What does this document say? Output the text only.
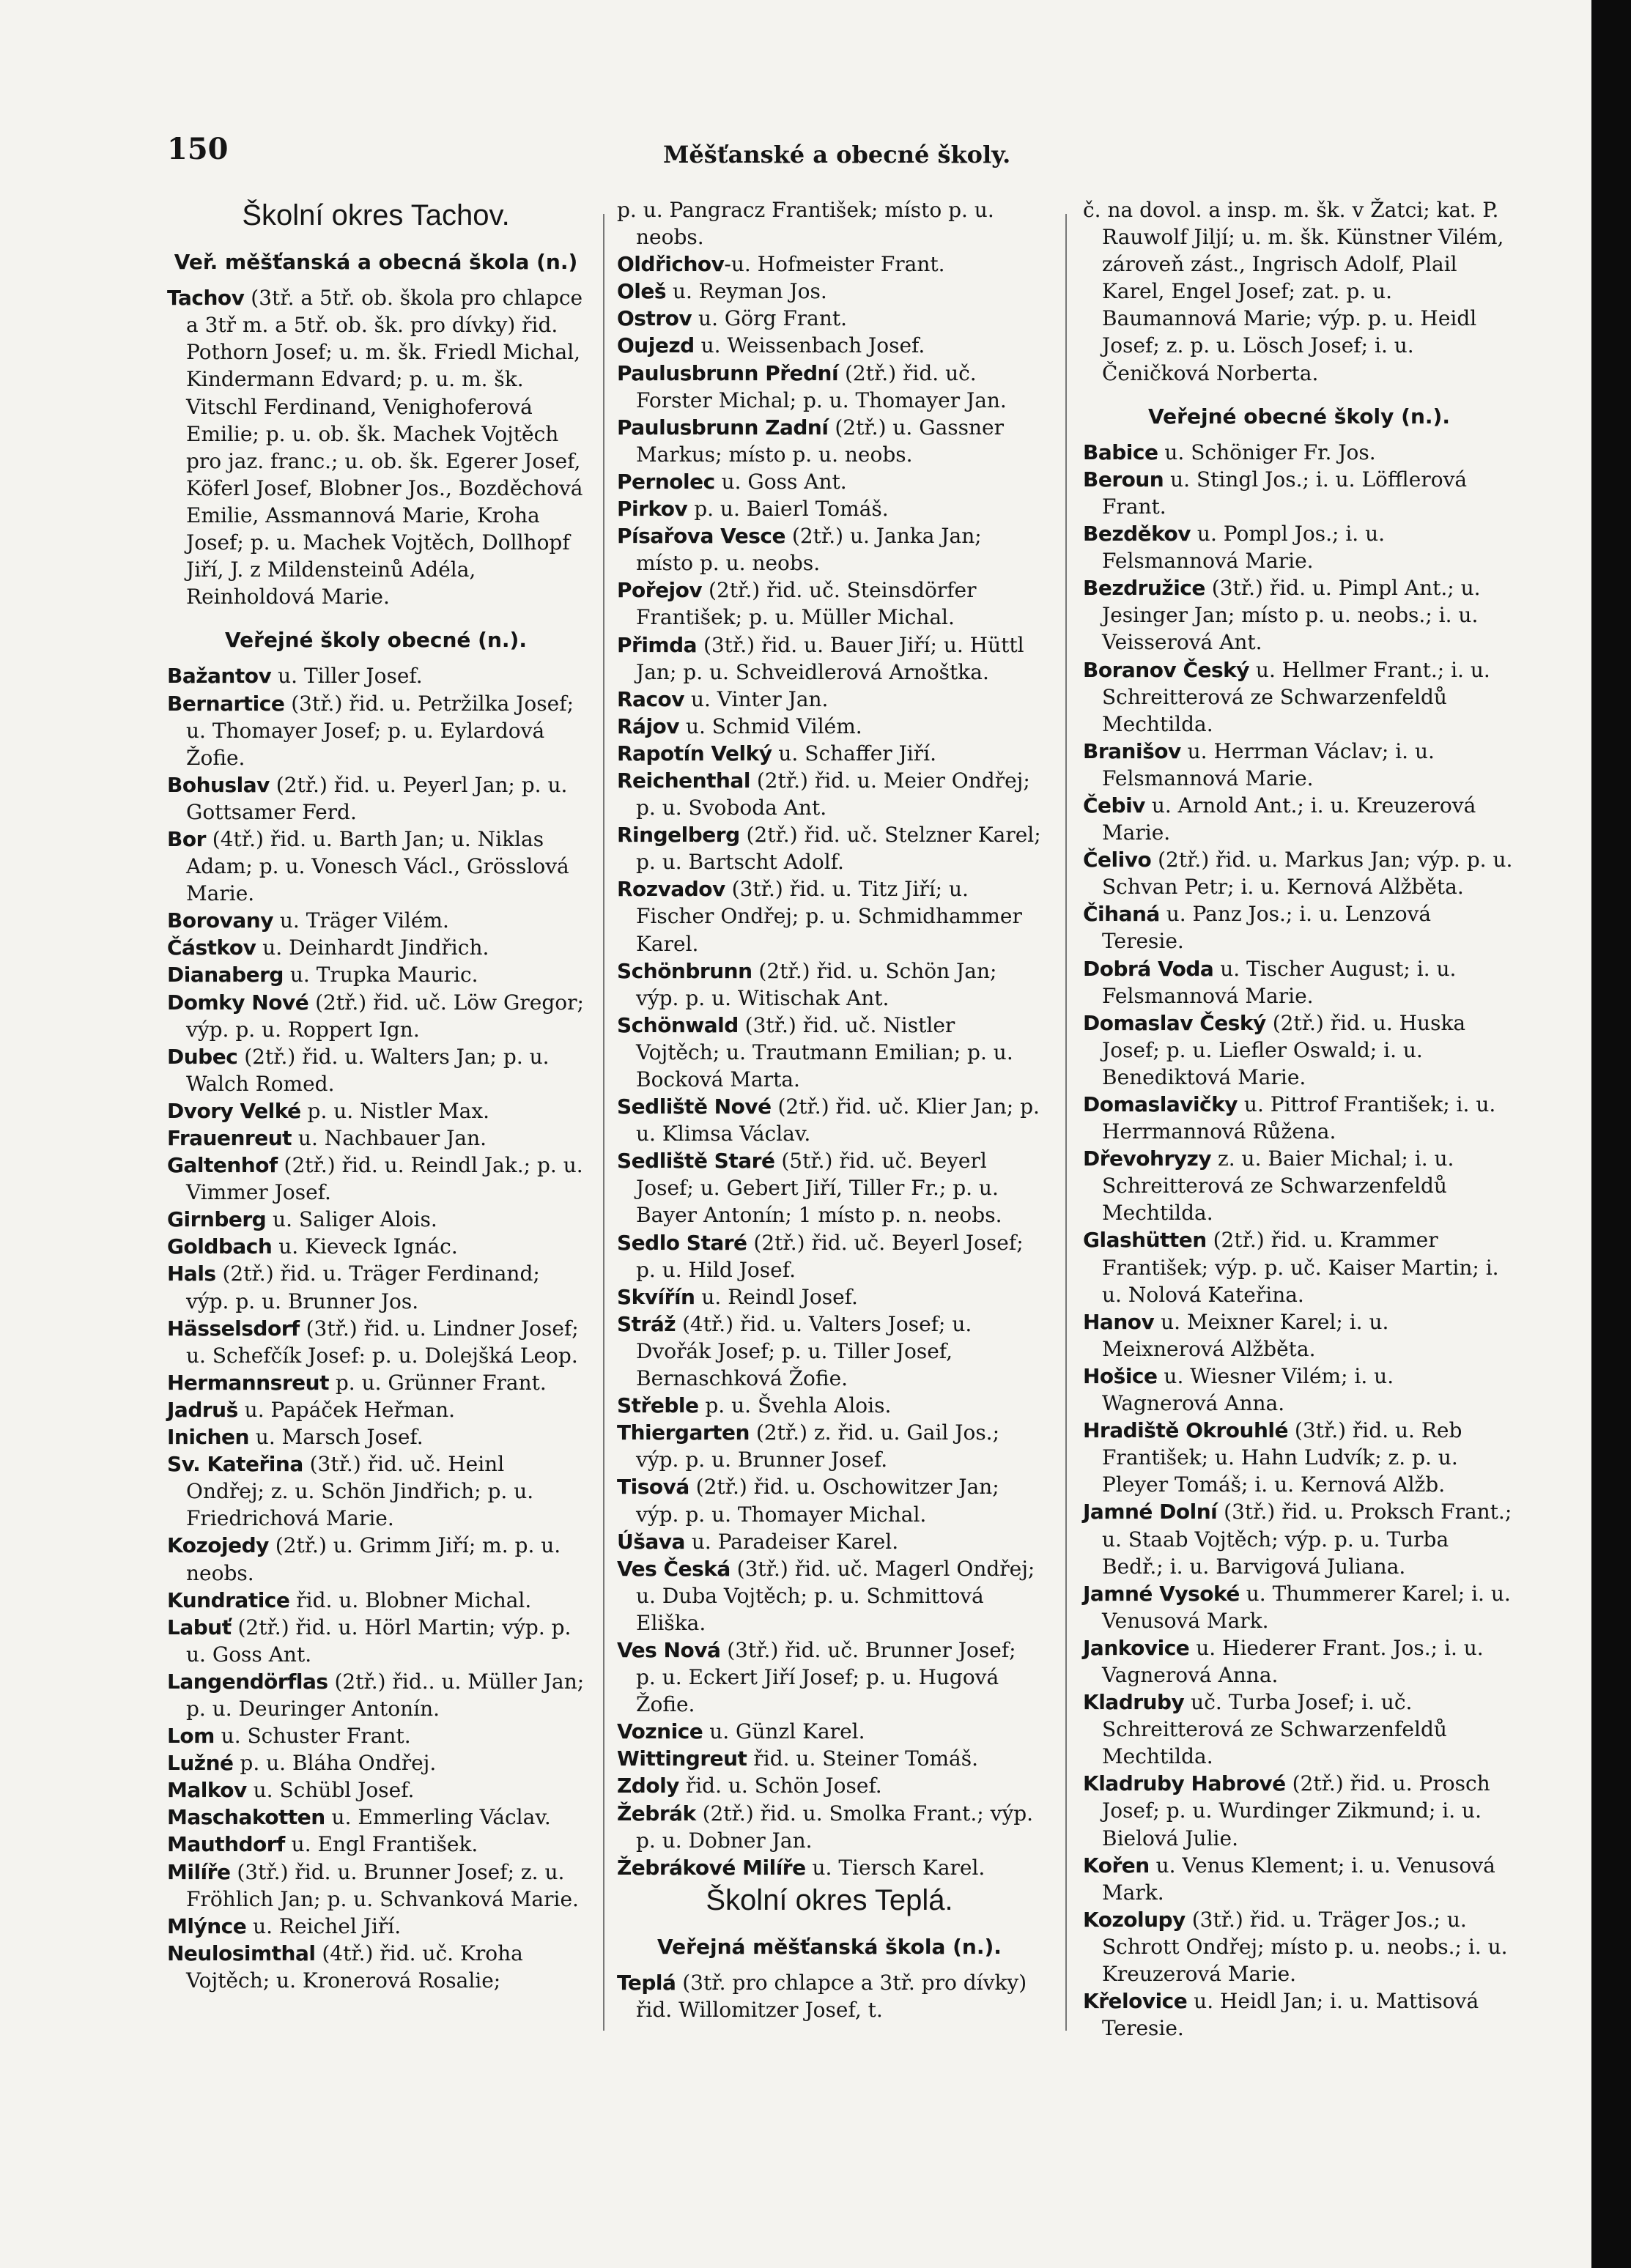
150	Měšťanské a obecné školy.
Školní okres Tachov.
Veř. měšťanská a obecná škola (n.)
Tachov (3tř. a 5tř. ob. škola pro chlapce a 3tř m. a 5tř. ob. šk. pro dívky) řid. Pothorn Josef; u. m. šk. Friedl Michal, Kindermann Edvard; p. u. m. šk. Vitschl Ferdinand, Venighoferová Emilie; p. u. ob. šk. Machek Vojtěch pro jaz. franc.; u. ob. šk. Egerer Josef, Köferl Josef, Blobner Jos., Bozděchová Emilie, Assmannová Marie, Kroha Josef; p. u. Machek Vojtěch, Dollhopf Jiří, J. z Mildensteinů Adéla, Reinholdová Marie.
Veřejné školy obecné (n.).
Bažantov u. Tiller Josef.
Bernartice (3tř.) řid. u. Petržilka Josef; u. Thomayer Josef; p. u. Eylardová Žofie.
Bohuslav (2tř.) řid. u. Peyerl Jan; p. u. Gottsamer Ferd.
Bor (4tř.) řid. u. Barth Jan; u. Niklas Adam; p. u. Vonesch Václ., Grösslová Marie.
Borovany u. Träger Vilém.
Částkov u. Deinhardt Jindřich.
Dianaberg u. Trupka Mauric.
Domky Nové (2tř.) řid. uč. Löw Gregor; výp. p. u. Roppert Ign.
Dubec (2tř.) řid. u. Walters Jan; p. u. Walch Romed.
Dvory Velké p. u. Nistler Max.
Frauenreut u. Nachbauer Jan.
Galtenhof (2tř.) řid. u. Reindl Jak.; p. u. Vimmer Josef.
Girnberg u. Saliger Alois.
Goldbach u. Kieveck Ignác.
Hals (2tř.) řid. u. Träger Ferdinand; výp. p. u. Brunner Jos.
Hässelsdorf (3tř.) řid. u. Lindner Josef; u. Schefčík Josef: p. u. Dolejšká Leop.
Hermannsreut p. u. Grünner Frant.
Jadruš u. Papáček Heřman.
Inichen u. Marsch Josef.
Sv. Kateřina (3tř.) řid. uč. Heinl Ondřej; z. u. Schön Jindřich; p. u. Friedrichová Marie.
Kozojedy (2tř.) u. Grimm Jiří; m. p. u. neobs.
Kundratice řid. u. Blobner Michal.
Labuť (2tř.) řid. u. Hörl Martin; výp. p. u. Goss Ant.
Langendörflas (2tř.) řid.. u. Müller Jan; p. u. Deuringer Antonín.
Lom u. Schuster Frant.
Lužné p. u. Bláha Ondřej.
Malkov u. Schübl Josef.
Maschakotten u. Emmerling Václav.
Mauthdorf u. Engl František.
Milíře (3tř.) řid. u. Brunner Josef; z. u. Fröhlich Jan; p. u. Schvanková Marie.
Mlýnce u. Reichel Jiří.
Neulosimthal (4tř.) řid. uč. Kroha Vojtěch; u. Kronerová Rosalie;
p. u. Pangracz František; místo p. u. neobs.
Oldřichov-u. Hofmeister Frant.
Oleš u. Reyman Jos.
Ostrov u. Görg Frant.
Oujezd u. Weissenbach Josef.
Paulusbrunn Přední (2tř.) řid. uč. Forster Michal; p. u. Thomayer Jan.
Paulusbrunn Zadní (2tř.) u. Gassner Markus; místo p. u. neobs.
Pernolec u. Goss Ant.
Pirkov p. u. Baierl Tomáš.
Písařova Vesce (2tř.) u. Janka Jan; místo p. u. neobs.
Pořejov (2tř.) řid. uč. Steinsdörfer František; p. u. Müller Michal.
Přimda (3tř.) řid. u. Bauer Jiří; u. Hüttl Jan; p. u. Schveidlerová Arnoštka.
Racov u. Vinter Jan.
Rájov u. Schmid Vilém.
Rapotín Velký u. Schaffer Jiří.
Reichenthal (2tř.) řid. u. Meier Ondřej; p. u. Svoboda Ant.
Ringelberg (2tř.) řid. uč. Stelzner Karel; p. u. Bartscht Adolf.
Rozvadov (3tř.) řid. u. Titz Jiří; u. Fischer Ondřej; p. u. Schmidhammer Karel.
Schönbrunn (2tř.) řid. u. Schön Jan; výp. p. u. Witischak Ant.
Schönwald (3tř.) řid. uč. Nistler Vojtěch; u. Trautmann Emilian; p. u. Bocková Marta.
Sedliště Nové (2tř.) řid. uč. Klier Jan; p. u. Klimsa Václav.
Sedliště Staré (5tř.) řid. uč. Beyerl Josef; u. Gebert Jiří, Tiller Fr.; p. u. Bayer Antonín; 1 místo p. n. neobs.
Sedlo Staré (2tř.) řid. uč. Beyerl Josef; p. u. Hild Josef.
Skvířín u. Reindl Josef.
Stráž (4tř.) řid. u. Valters Josef; u. Dvořák Josef; p. u. Tiller Josef, Bernaschková Žofie.
Střeble p. u. Švehla Alois.
Thiergarten (2tř.) z. řid. u. Gail Jos.; výp. p. u. Brunner Josef.
Tisová (2tř.) řid. u. Oschowitzer Jan; výp. p. u. Thomayer Michal.
Úšava u. Paradeiser Karel.
Ves Česká (3tř.) řid. uč. Magerl Ondřej; u. Duba Vojtěch; p. u. Schmittová Eliška.
Ves Nová (3tř.) řid. uč. Brunner Josef; p. u. Eckert Jiří Josef; p. u. Hugová Žofie.
Voznice u. Günzl Karel.
Wittingreut řid. u. Steiner Tomáš.
Zdoly řid. u. Schön Josef.
Žebrák (2tř.) řid. u. Smolka Frant.; výp. p. u. Dobner Jan.
Žebrákové Milíře u. Tiersch Karel.
Školní okres Teplá.
Veřejná měšťanská škola (n.).
Teplá (3tř. pro chlapce a 3tř. pro dívky) řid. Willomitzer Josef, t.
č. na dovol. a insp. m. šk. v Žatci; kat. P. Rauwolf Jiljí; u. m. šk. Künstner Vilém, zároveň zást., Ingrisch Adolf, Plail Karel, Engel Josef; zat. p. u. Baumannová Marie; výp. p. u. Heidl Josef; z. p. u. Lösch Josef; i. u. Čeničková Norberta.
Veřejné obecné školy (n.).
Babice u. Schöniger Fr. Jos.
Beroun u. Stingl Jos.; i. u. Löfflerová Frant.
Bezděkov u. Pompl Jos.; i. u. Felsmannová Marie.
Bezdružice (3tř.) řid. u. Pimpl Ant.; u. Jesinger Jan; místo p. u. neobs.; i. u. Veisserová Ant.
Boranov Český u. Hellmer Frant.; i. u. Schreitterová ze Schwarzenfeldů Mechtilda.
Branišov u. Herrman Václav; i. u. Felsmannová Marie.
Čebiv u. Arnold Ant.; i. u. Kreuzerová Marie.
Čelivo (2tř.) řid. u. Markus Jan; výp. p. u. Schvan Petr; i. u. Kernová Alžběta.
Čihaná u. Panz Jos.; i. u. Lenzová Teresie.
Dobrá Voda u. Tischer August; i. u. Felsmannová Marie.
Domaslav Český (2tř.) řid. u. Huska Josef; p. u. Liefler Oswald; i. u. Benediktová Marie.
Domaslavičky u. Pittrof František; i. u. Herrmannová Růžena.
Dřevohryzy z. u. Baier Michal; i. u. Schreitterová ze Schwarzenfeldů Mechtilda.
Glashütten (2tř.) řid. u. Krammer František; výp. p. uč. Kaiser Martin; i. u. Nolová Kateřina.
Hanov u. Meixner Karel; i. u. Meixnerová Alžběta.
Hošice u. Wiesner Vilém; i. u. Wagnerová Anna.
Hradiště Okrouhlé (3tř.) řid. u. Reb František; u. Hahn Ludvík; z. p. u. Pleyer Tomáš; i. u. Kernová Alžb.
Jamné Dolní (3tř.) řid. u. Proksch Frant.; u. Staab Vojtěch; výp. p. u. Turba Bedř.; i. u. Barvigová Juliana.
Jamné Vysoké u. Thummerer Karel; i. u. Venusová Mark.
Jankovice u. Hiederer Frant. Jos.; i. u. Vagnerová Anna.
Kladruby uč. Turba Josef; i. uč. Schreitterová ze Schwarzenfeldů Mechtilda.
Kladruby Habrové (2tř.) řid. u. Prosch Josef; p. u. Wurdinger Zikmund; i. u. Bielová Julie.
Kořen u. Venus Klement; i. u. Venusová Mark.
Kozolupy (3tř.) řid. u. Träger Jos.; u. Schrott Ondřej; místo p. u. neobs.; i. u. Kreuzerová Marie.
Křelovice u. Heidl Jan; i. u. Mattisová Teresie.
